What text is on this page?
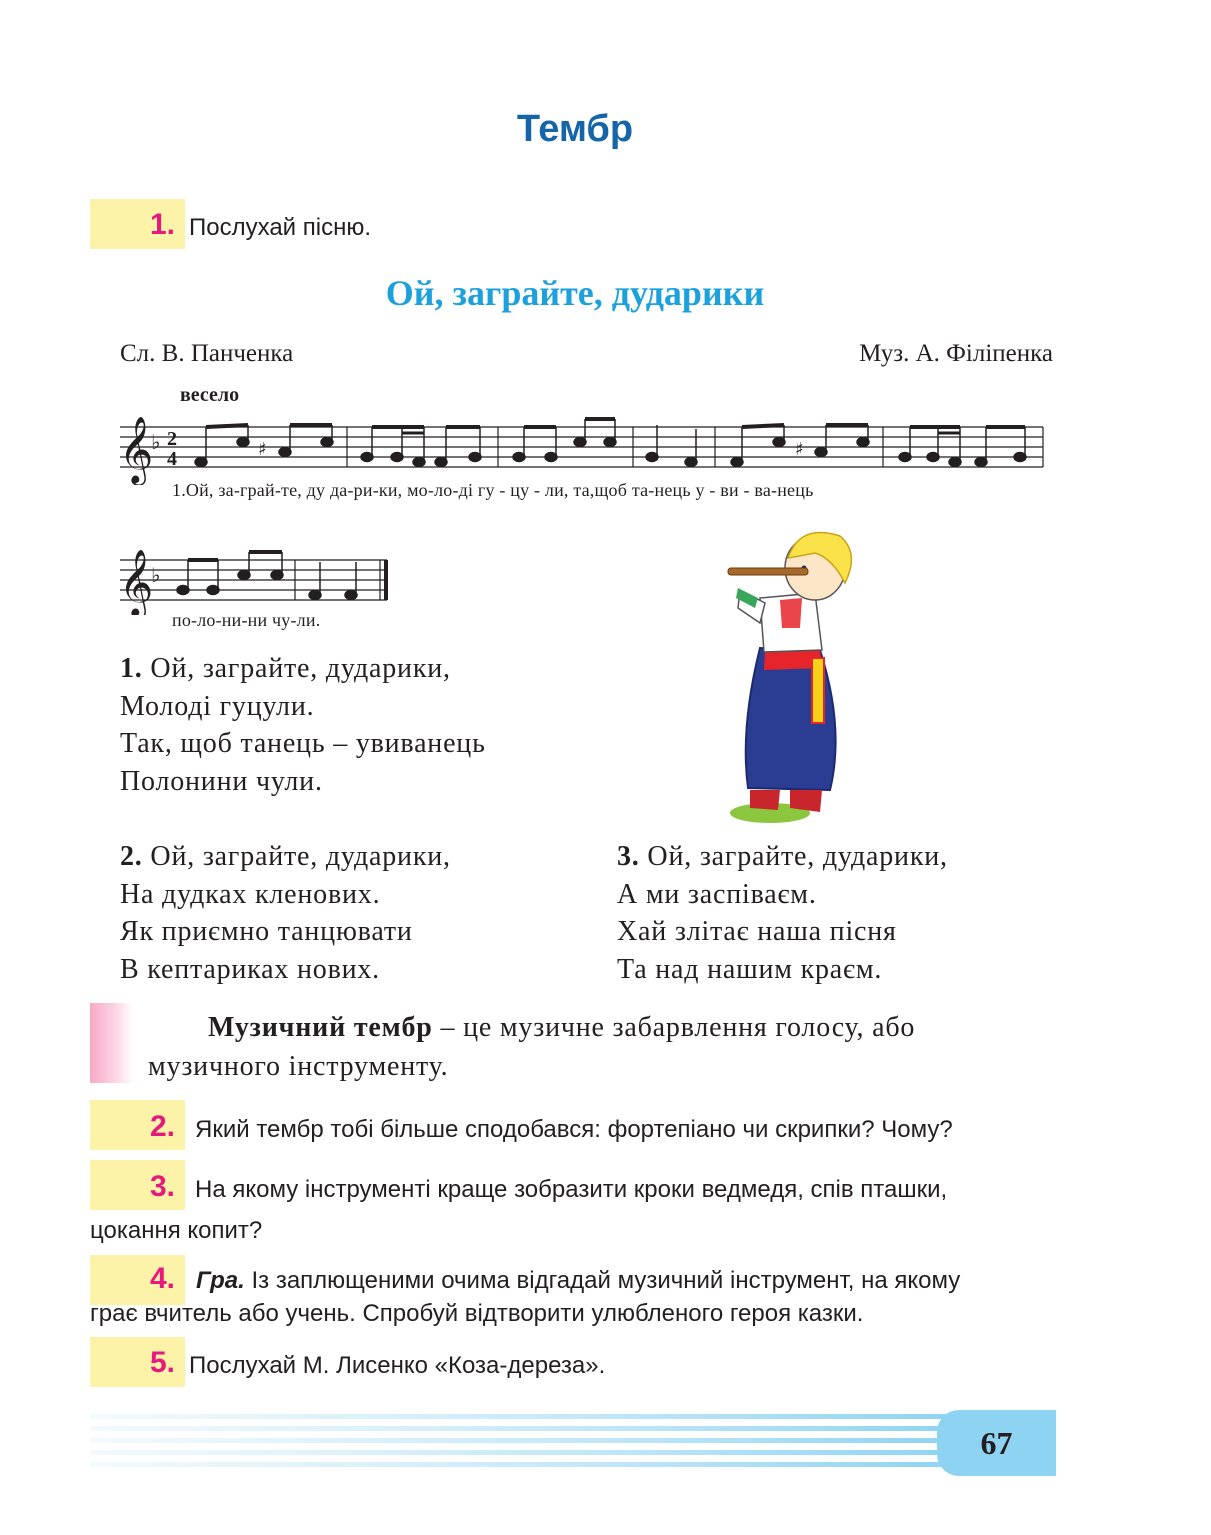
Тембр
1. Послухай пісню.
Ой, заграйте, дударики
Сл. В. Панченка	Муз. А. Філіпенка
весело
𝄞
♭ 2
4	♯	♯
1.Ой, за-грай-те, ду да-ри-ки, мо-ло-ді гу - цу - ли, та,щоб та-нець у - ви - ва-нець
𝄞
♭
по-ло-ни-ни чу-ли.
1. Ой, заграйте, дударики,
Молоді гуцули.
Так, щоб танець – увиванець
Полонини чули.
2. Ой, заграйте, дударики,
На дудках кленових.
Як приємно танцювати
В кептариках нових.
3. Ой, заграйте, дударики,
А ми заспіваєм.
Хай злітає наша пісня
Та над нашим краєм.
Музичний тембр – це музичне забарвлення голосу, або
музичного інструменту.
2. Який тембр тобі більше сподобався: фортепіано чи скрипки? Чому?
3. На якому інструменті краще зобразити кроки ведмедя, спів пташки,
цокання копит?
4. Гра. Із заплющеними очима відгадай музичний інструмент, на якому
грає вчитель або учень. Спробуй відтворити улюбленого героя казки.
5. Послухай М. Лисенко «Коза-дереза».
67
